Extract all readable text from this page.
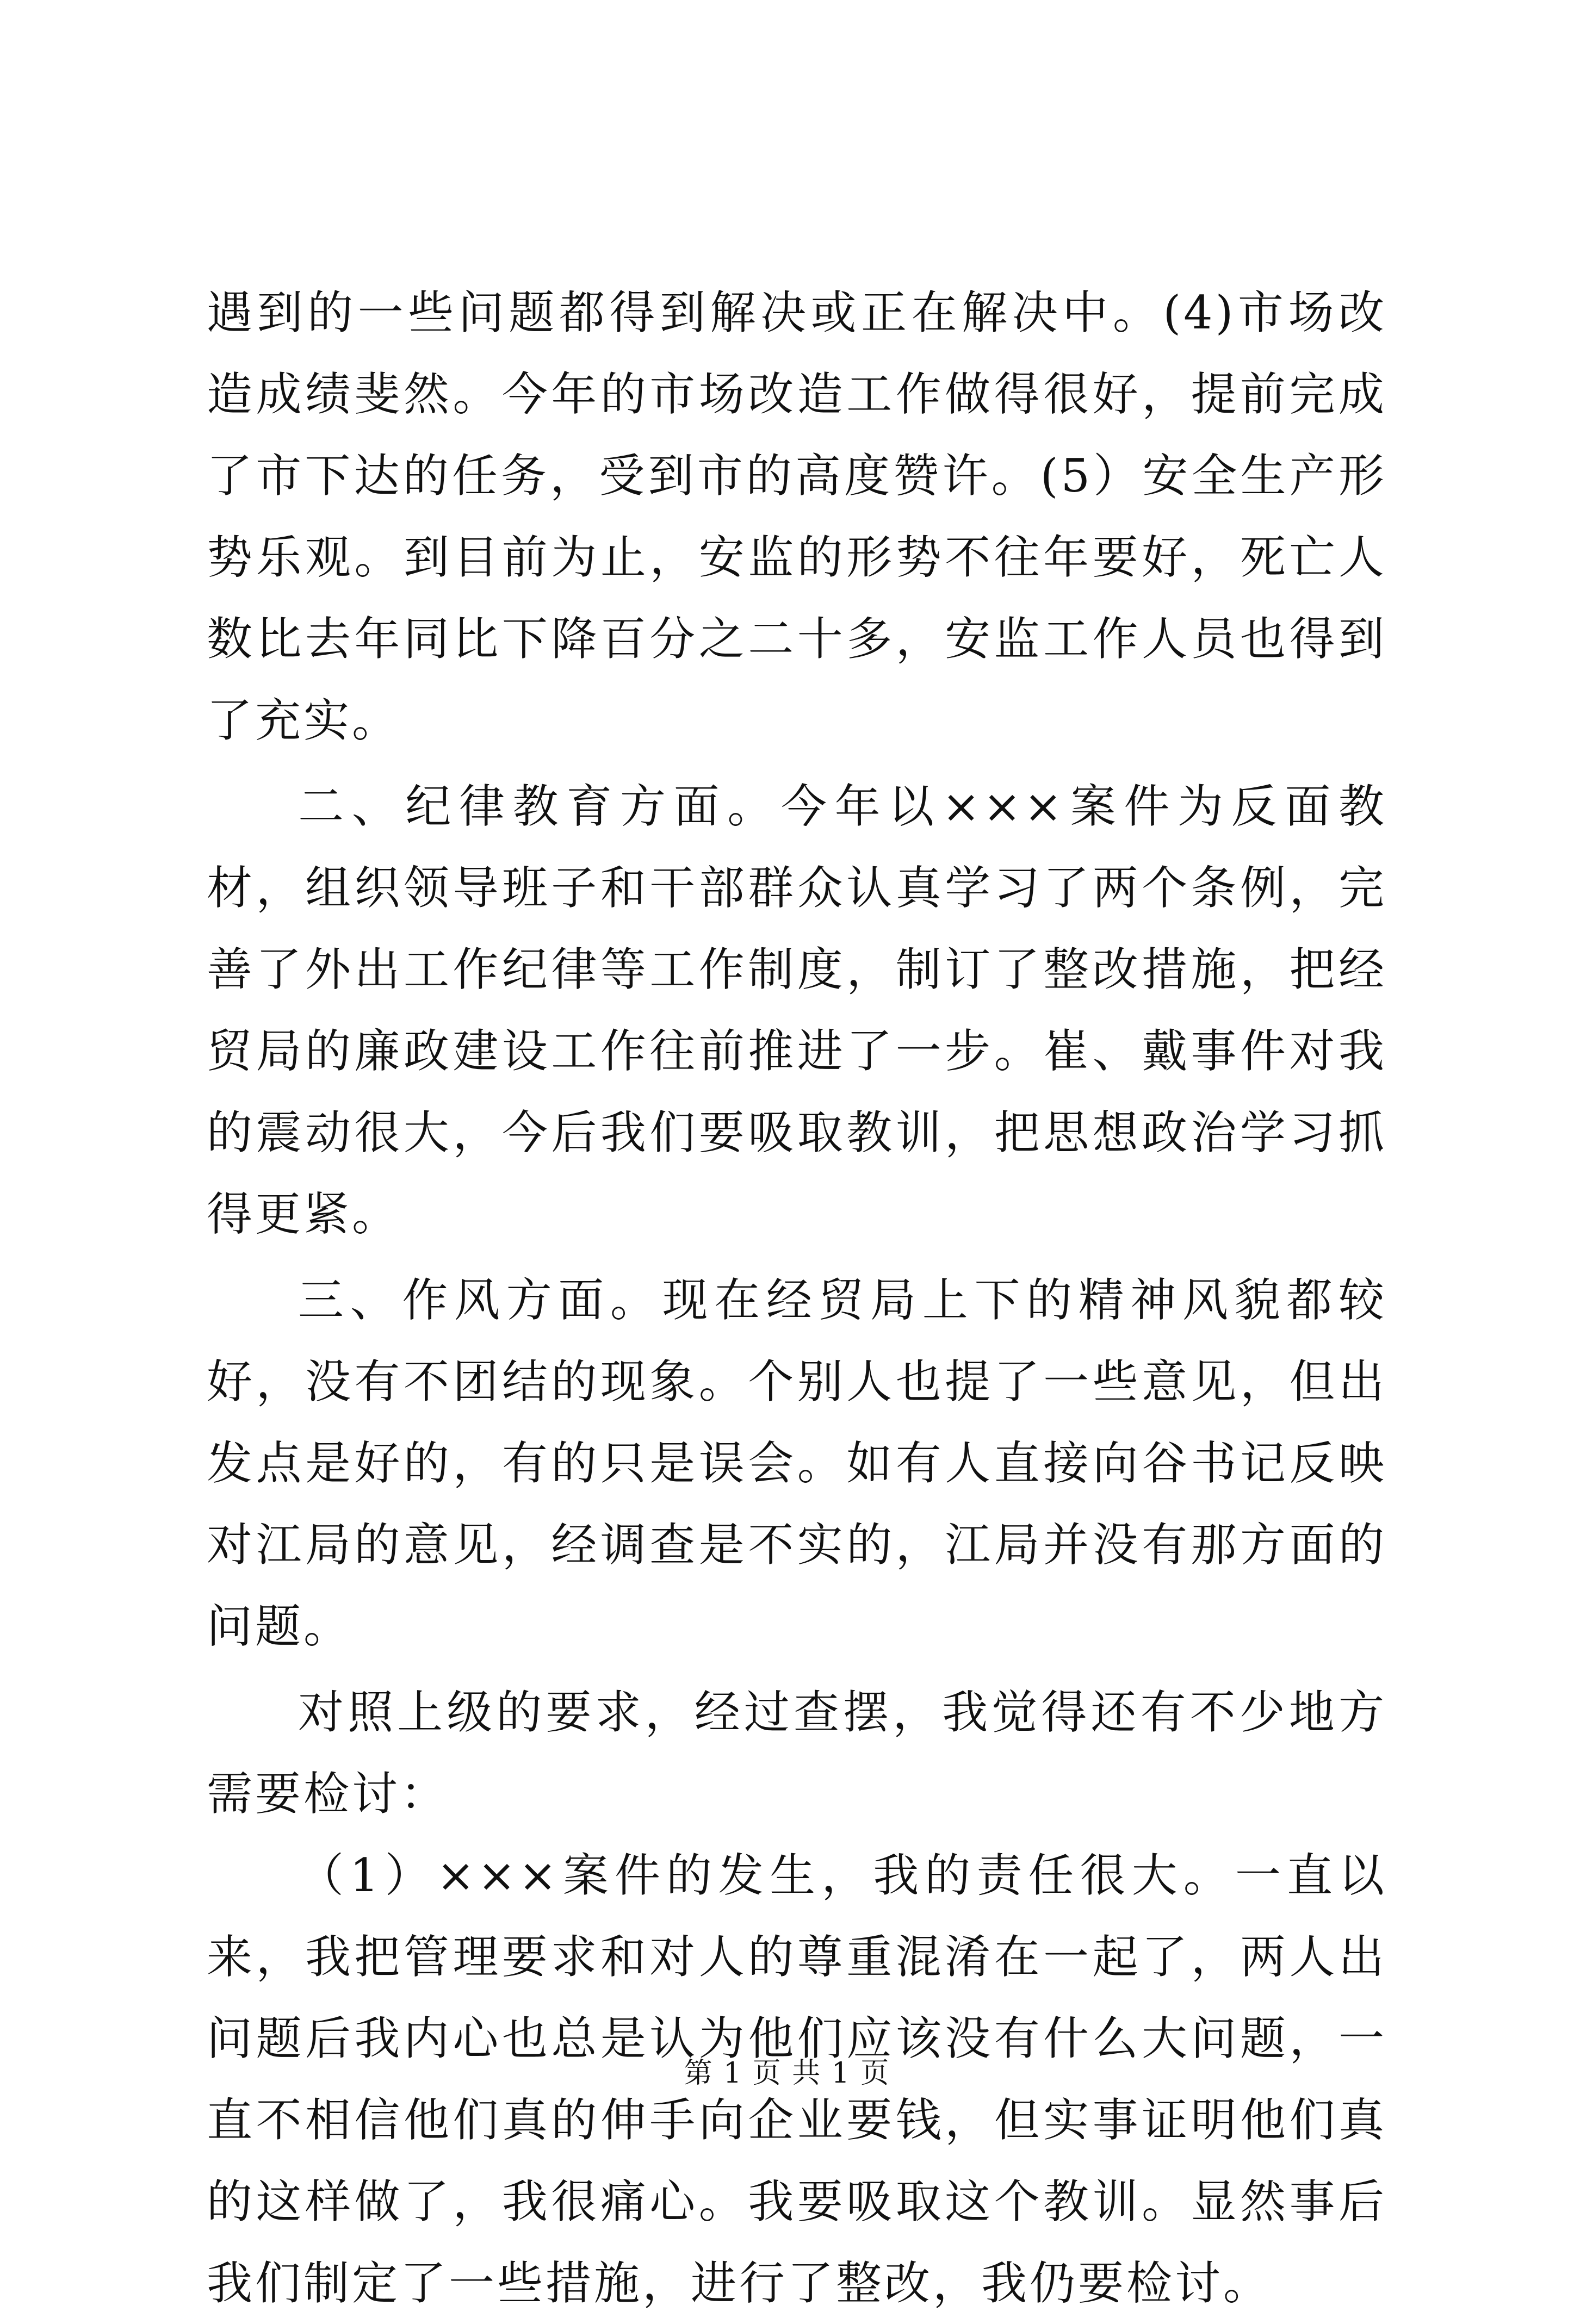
遇到的一些问题都得到解决或正在解决中。(4)市场改造成绩斐然。今年的市场改造工作做得很好，提前完成了市下达的任务，受到市的高度赞许。(5）安全生产形势乐观。到目前为止，安监的形势不往年要好，死亡人数比去年同比下降百分之二十多，安监工作人员也得到了充实。

二、纪律教育方面。今年以×××案件为反面教材，组织领导班子和干部群众认真学习了两个条例，完善了外出工作纪律等工作制度，制订了整改措施，把经贸局的廉政建设工作往前推进了一步。崔、戴事件对我的震动很大，今后我们要吸取教训，把思想政治学习抓得更紧。

三、作风方面。现在经贸局上下的精神风貌都较好，没有不团结的现象。个别人也提了一些意见，但出发点是好的，有的只是误会。如有人直接向谷书记反映对江局的意见，经调查是不实的，江局并没有那方面的问题。

对照上级的要求，经过查摆，我觉得还有不少地方需要检讨：

（1）×××案件的发生，我的责任很大。一直以来，我把管理要求和对人的尊重混淆在一起了，两人出问题后我内心也总是认为他们应该没有什么大问题，一直不相信他们真的伸手向企业要钱，但实事证明他们真的这样做了，我很痛心。我要吸取这个教训。显然事后我们制定了一些措施，进行了整改，我仍要检讨。

第 1 页 共 1 页
